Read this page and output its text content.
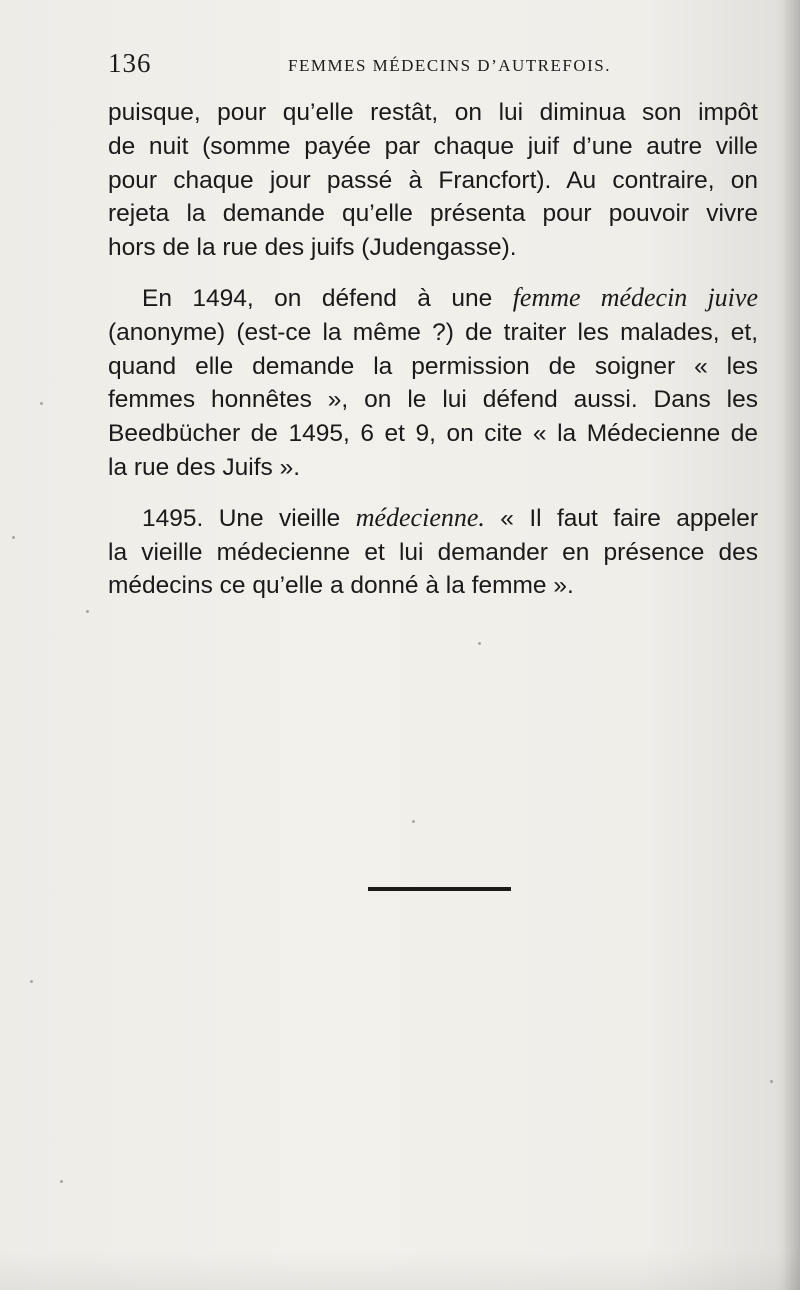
136	FEMMES MÉDECINS D’AUTREFOIS.

puisque, pour qu’elle restât, on lui diminua son impôt
de nuit (somme payée par chaque juif d’une autre ville
pour chaque jour passé à Francfort). Au contraire, on
rejeta la demande qu’elle présenta pour pouvoir vivre
hors de la rue des juifs (Judengasse).

En 1494, on défend à une femme médecin juive
(anonyme) (est-ce la même ?) de traiter les malades, et,
quand elle demande la permission de soigner « les
femmes honnêtes », on le lui défend aussi. Dans les
Beedbücher de 1495, 6 et 9, on cite « la Médecienne de
la rue des Juifs ».

1495. Une vieille médecienne. « Il faut faire appeler
la vieille médecienne et lui demander en présence des
médecins ce qu’elle a donné à la femme ».
